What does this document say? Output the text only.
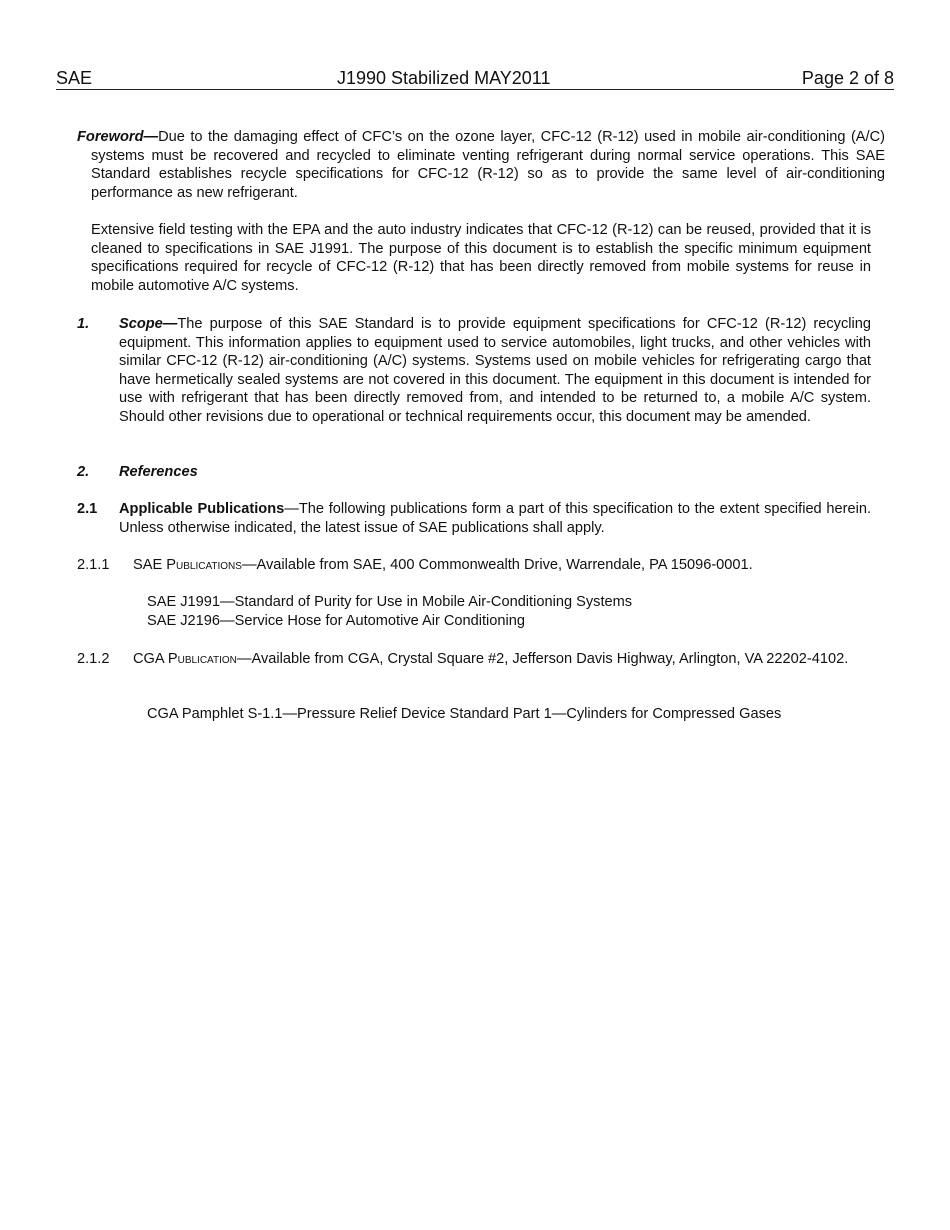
SAE	J1990 Stabilized MAY2011	Page 2 of 8

Foreword—Due to the damaging effect of CFC’s on the ozone layer, CFC-12 (R-12) used in mobile air-conditioning (A/C) systems must be recovered and recycled to eliminate venting refrigerant during normal service operations. This SAE Standard establishes recycle specifications for CFC-12 (R-12) so as to provide the same level of air-conditioning performance as new refrigerant.

Extensive field testing with the EPA and the auto industry indicates that CFC-12 (R-12) can be reused, provided that it is cleaned to specifications in SAE J1991. The purpose of this document is to establish the specific minimum equipment specifications required for recycle of CFC-12 (R-12) that has been directly removed from mobile systems for reuse in mobile automotive A/C systems.

1. Scope—The purpose of this SAE Standard is to provide equipment specifications for CFC-12 (R-12) recycling equipment. This information applies to equipment used to service automobiles, light trucks, and other vehicles with similar CFC-12 (R-12) air-conditioning (A/C) systems. Systems used on mobile vehicles for refrigerating cargo that have hermetically sealed systems are not covered in this document. The equipment in this document is intended for use with refrigerant that has been directly removed from, and intended to be returned to, a mobile A/C system. Should other revisions due to operational or technical requirements occur, this document may be amended.

2. References
2.1 Applicable Publications—The following publications form a part of this specification to the extent specified herein. Unless otherwise indicated, the latest issue of SAE publications shall apply.

2.1.1 SAE Publications—Available from SAE, 400 Commonwealth Drive, Warrendale, PA 15096-0001.

SAE J1991—Standard of Purity for Use in Mobile Air-Conditioning Systems
SAE J2196—Service Hose for Automotive Air Conditioning
2.1.2 CGA Publication—Available from CGA, Crystal Square #2, Jefferson Davis Highway, Arlington, VA 22202-4102.

CGA Pamphlet S-1.1—Pressure Relief Device Standard Part 1—Cylinders for Compressed Gases
